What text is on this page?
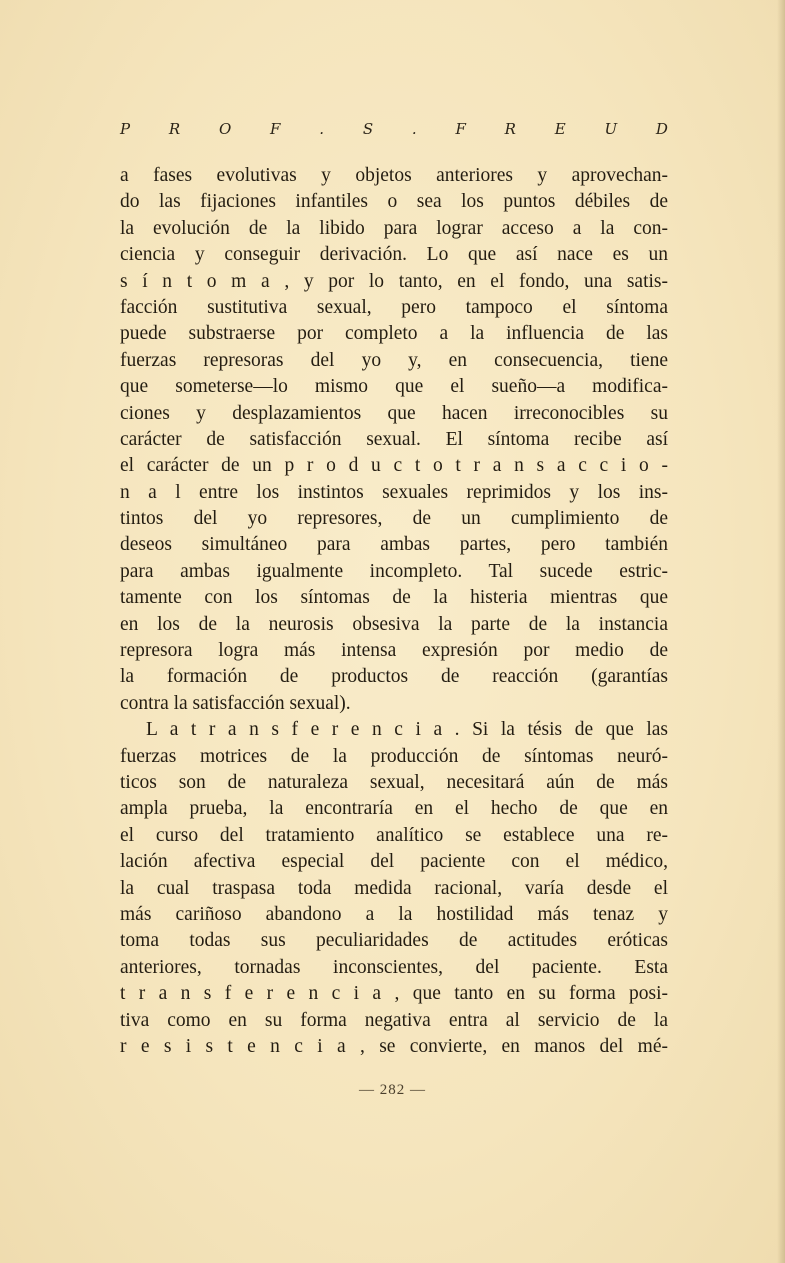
P	R	O	F	.	S	.	F	R	E	U	D
a fases evolutivas y objetos anteriores y aprovechan-
do las fijaciones infantiles o sea los puntos débiles de
la evolución de la libido para lograr acceso a la con-
ciencia y conseguir derivación. Lo que así nace es un
s í n t o m a , y por lo tanto, en el fondo, una satis-
facción sustitutiva sexual, pero tampoco el síntoma
puede substraerse por completo a la influencia de las
fuerzas represoras del yo y, en consecuencia, tiene
que someterse—lo mismo que el sueño—a modifica-
ciones y desplazamientos que hacen irreconocibles su
carácter de satisfacción sexual. El síntoma recibe así
el carácter de un p r o d u c t o t r a n s a c c i o -
n a l entre los instintos sexuales reprimidos y los ins-
tintos del yo represores, de un cumplimiento de
deseos simultáneo para ambas partes, pero también
para ambas igualmente incompleto. Tal sucede estric-
tamente con los síntomas de la histeria mientras que
en los de la neurosis obsesiva la parte de la instancia
represora logra más intensa expresión por medio de
la formación de productos de reacción (garantías
contra la satisfacción sexual).
L a t r a n s f e r e n c i a . Si la tésis de que las
fuerzas motrices de la producción de síntomas neuró-
ticos son de naturaleza sexual, necesitará aún de más
ampla prueba, la encontraría en el hecho de que en
el curso del tratamiento analítico se establece una re-
lación afectiva especial del paciente con el médico,
la cual traspasa toda medida racional, varía desde el
más cariñoso abandono a la hostilidad más tenaz y
toma todas sus peculiaridades de actitudes eróticas
anteriores, tornadas inconscientes, del paciente. Esta
t r a n s f e r e n c i a , que tanto en su forma posi-
tiva como en su forma negativa entra al servicio de la
r e s i s t e n c i a , se convierte, en manos del mé-
— 282 —
